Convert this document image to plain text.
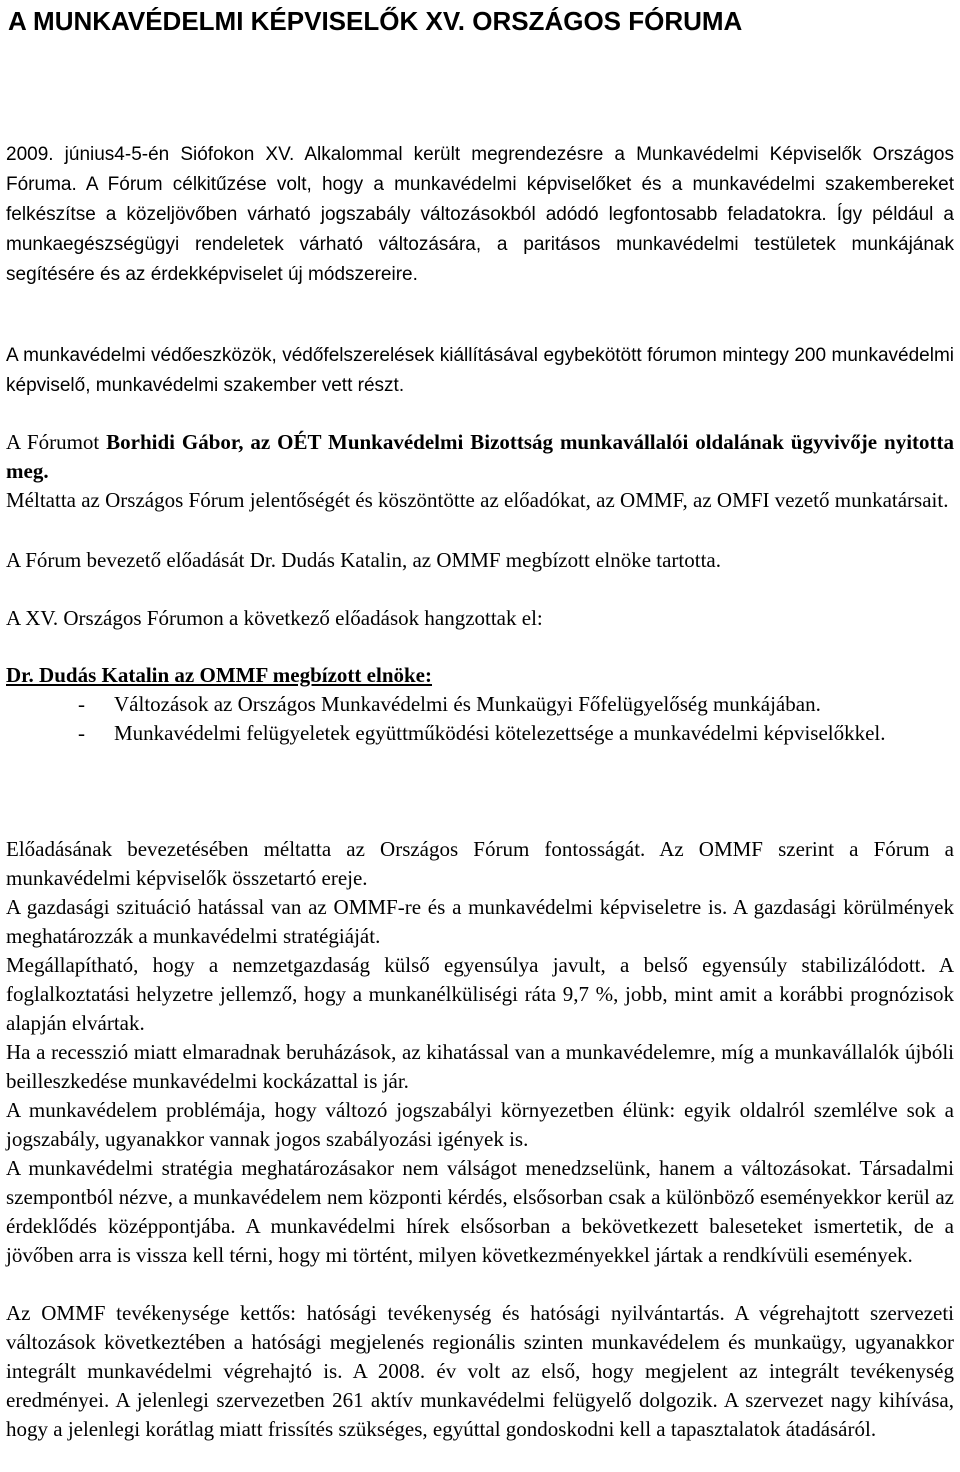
A MUNKAVÉDELMI KÉPVISELŐK XV. ORSZÁGOS FÓRUMA

2009. június4-5-én Siófokon XV. Alkalommal került megrendezésre a Munkavédelmi Képviselők Országos Fóruma. A Fórum célkitűzése volt, hogy a munkavédelmi képviselőket és a munkavédelmi szakembereket felkészítse a közeljövőben várható jogszabály változásokból adódó legfontosabb feladatokra. Így például a munkaegészségügyi rendeletek várható változására, a paritásos munkavédelmi testületek munkájának segítésére és az érdekképviselet új módszereire.

A munkavédelmi védőeszközök, védőfelszerelések kiállításával egybekötött fórumon mintegy 200 munkavédelmi képviselő, munkavédelmi szakember vett részt.

A Fórumot Borhidi Gábor, az OÉT Munkavédelmi Bizottság munkavállalói oldalának ügyvivője nyitotta meg.

Méltatta az Országos Fórum jelentőségét és köszöntötte az előadókat, az OMMF, az OMFI vezető munkatársait.

A Fórum bevezető előadását Dr. Dudás Katalin, az OMMF megbízott elnöke tartotta.

A XV. Országos Fórumon a következő előadások hangzottak el:

Dr. Dudás Katalin az OMMF megbízott elnöke:

- Változások az Országos Munkavédelmi és Munkaügyi Főfelügyelőség munkájában.
- Munkavédelmi felügyeletek együttműködési kötelezettsége a munkavédelmi képviselőkkel.

Előadásának bevezetésében méltatta az Országos Fórum fontosságát. Az OMMF szerint a Fórum a munkavédelmi képviselők összetartó ereje.

A gazdasági szituáció hatással van az OMMF-re és a munkavédelmi képviseletre is. A gazdasági körülmények meghatározzák a munkavédelmi stratégiáját.

Megállapítható, hogy a nemzetgazdaság külső egyensúlya javult, a belső egyensúly stabilizálódott. A foglalkoztatási helyzetre jellemző, hogy a munkanélküliségi ráta 9,7 %, jobb, mint amit a korábbi prognózisok alapján elvártak.

Ha a recesszió miatt elmaradnak beruházások, az kihatással van a munkavédelemre, míg a munkavállalók újbóli beilleszkedése munkavédelmi kockázattal is jár.

A munkavédelem problémája, hogy változó jogszabályi környezetben élünk: egyik oldalról szemlélve sok a jogszabály, ugyanakkor vannak jogos szabályozási igények is.

A munkavédelmi stratégia meghatározásakor nem válságot menedzselünk, hanem a változásokat. Társadalmi szempontból nézve, a munkavédelem nem központi kérdés, elsősorban csak a különböző eseményekkor kerül az érdeklődés középpontjába. A munkavédelmi hírek elsősorban a bekövetkezett baleseteket ismertetik, de a jövőben arra is vissza kell térni, hogy mi történt, milyen következményekkel jártak a rendkívüli események.

Az OMMF tevékenysége kettős: hatósági tevékenység és hatósági nyilvántartás. A végrehajtott szervezeti változások következtében a hatósági megjelenés regionális szinten munkavédelem és munkaügy, ugyanakkor integrált munkavédelmi végrehajtó is. A 2008. év volt az első, hogy megjelent az integrált tevékenység eredményei. A jelenlegi szervezetben 261 aktív munkavédelmi felügyelő dolgozik. A szervezet nagy kihívása, hogy a jelenlegi korátlag miatt frissítés szükséges, egyúttal gondoskodni kell a tapasztalatok átadásáról.
